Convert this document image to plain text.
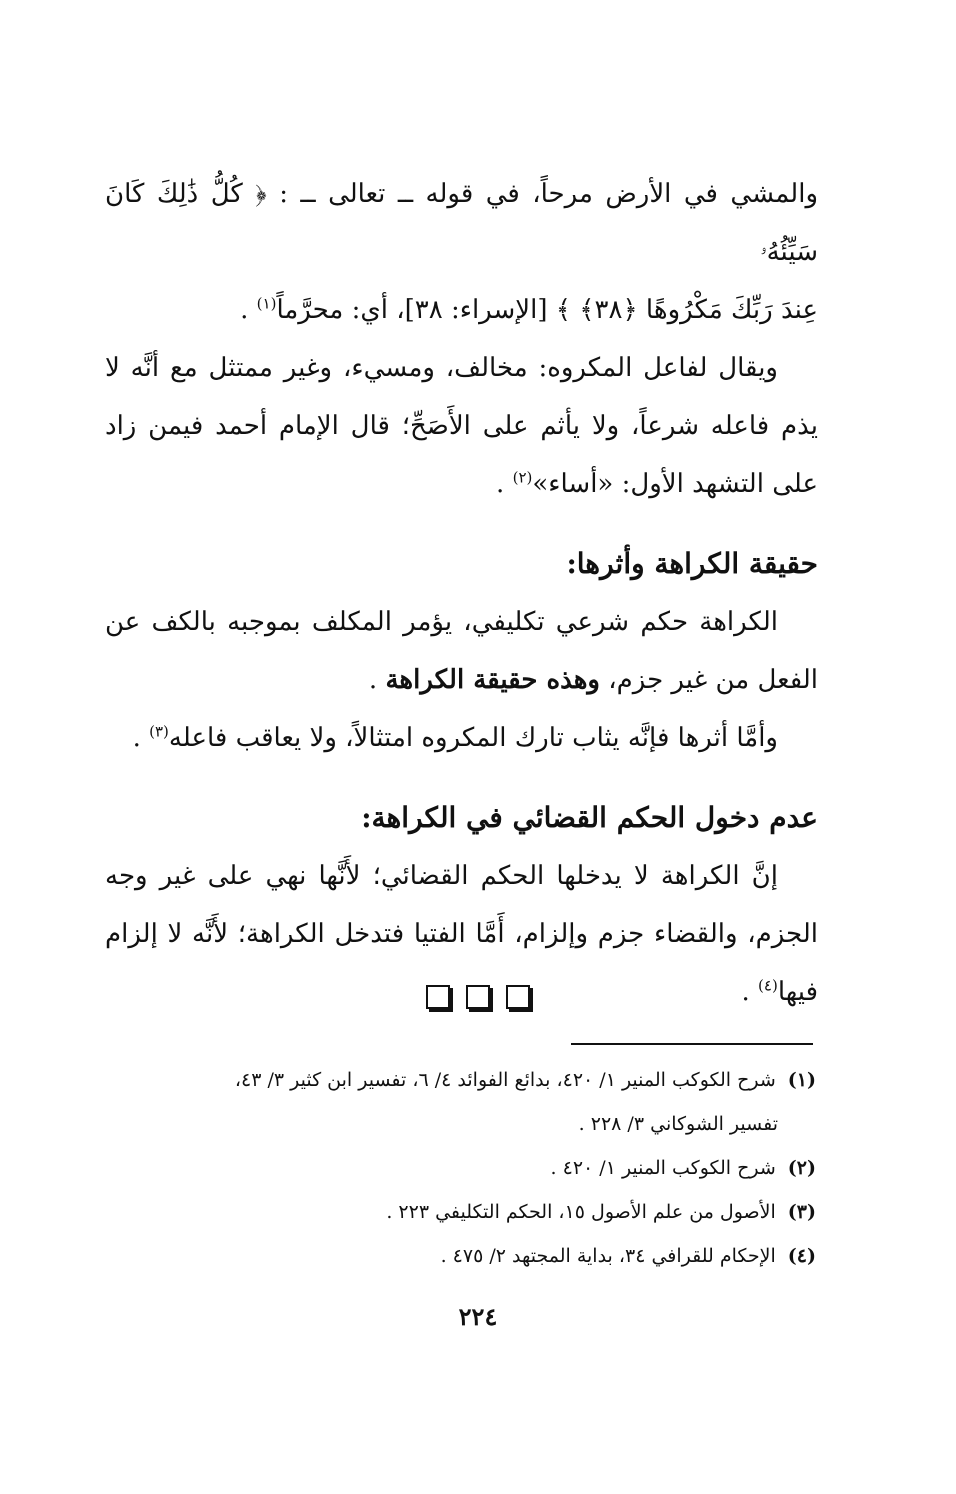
والمشي في الأرض مرحاً، في قوله ــ تعالى ــ : ﴿ كُلُّ ذَٰلِكَ كَانَ سَيِّئُهُۥ
عِندَ رَبِّكَ مَكْرُوهًا ﴿٣٨﴾ ﴾ [الإسراء: ٣٨]، أي: محرَّماً$^{(١)}$ .
ويقال لفاعل المكروه: مخالف، ومسيء، وغير ممتثل مع أنَّه لا يذم فاعله شرعاً، ولا يأثم على الأَصَحِّ؛ قال الإمام أحمد فيمن زاد على التشهد الأول: «أساء»$^{(٢)}$ .
حقيقة الكراهة وأثرها:
الكراهة حكم شرعي تكليفي، يؤمر المكلف بموجبه بالكف عن الفعل من غير جزم، وهذه حقيقة الكراهة .
وأمَّا أثرها فإنَّه يثاب تارك المكروه امتثالاً، ولا يعاقب فاعله$^{(٣)}$ .
عدم دخول الحكم القضائي في الكراهة:
إنَّ الكراهة لا يدخلها الحكم القضائي؛ لأَنَّها نهي على غير وجه الجزم، والقضاء جزم وإلزام، أَمَّا الفتيا فتدخل الكراهة؛ لأَنَّه لا إلزام فيها$^{(٤)}$ .
(١)شرح الكوكب المنير ١/ ٤٢٠، بدائع الفوائد ٤/ ٦، تفسير ابن كثير ٣/ ٤٣،
تفسير الشوكاني ٣/ ٢٢٨ .
(٢)شرح الكوكب المنير ١/ ٤٢٠ .
(٣)الأصول من علم الأصول ١٥، الحكم التكليفي ٢٢٣ .
(٤)الإحكام للقرافي ٣٤، بداية المجتهد ٢/ ٤٧٥ .
٢٢٤
